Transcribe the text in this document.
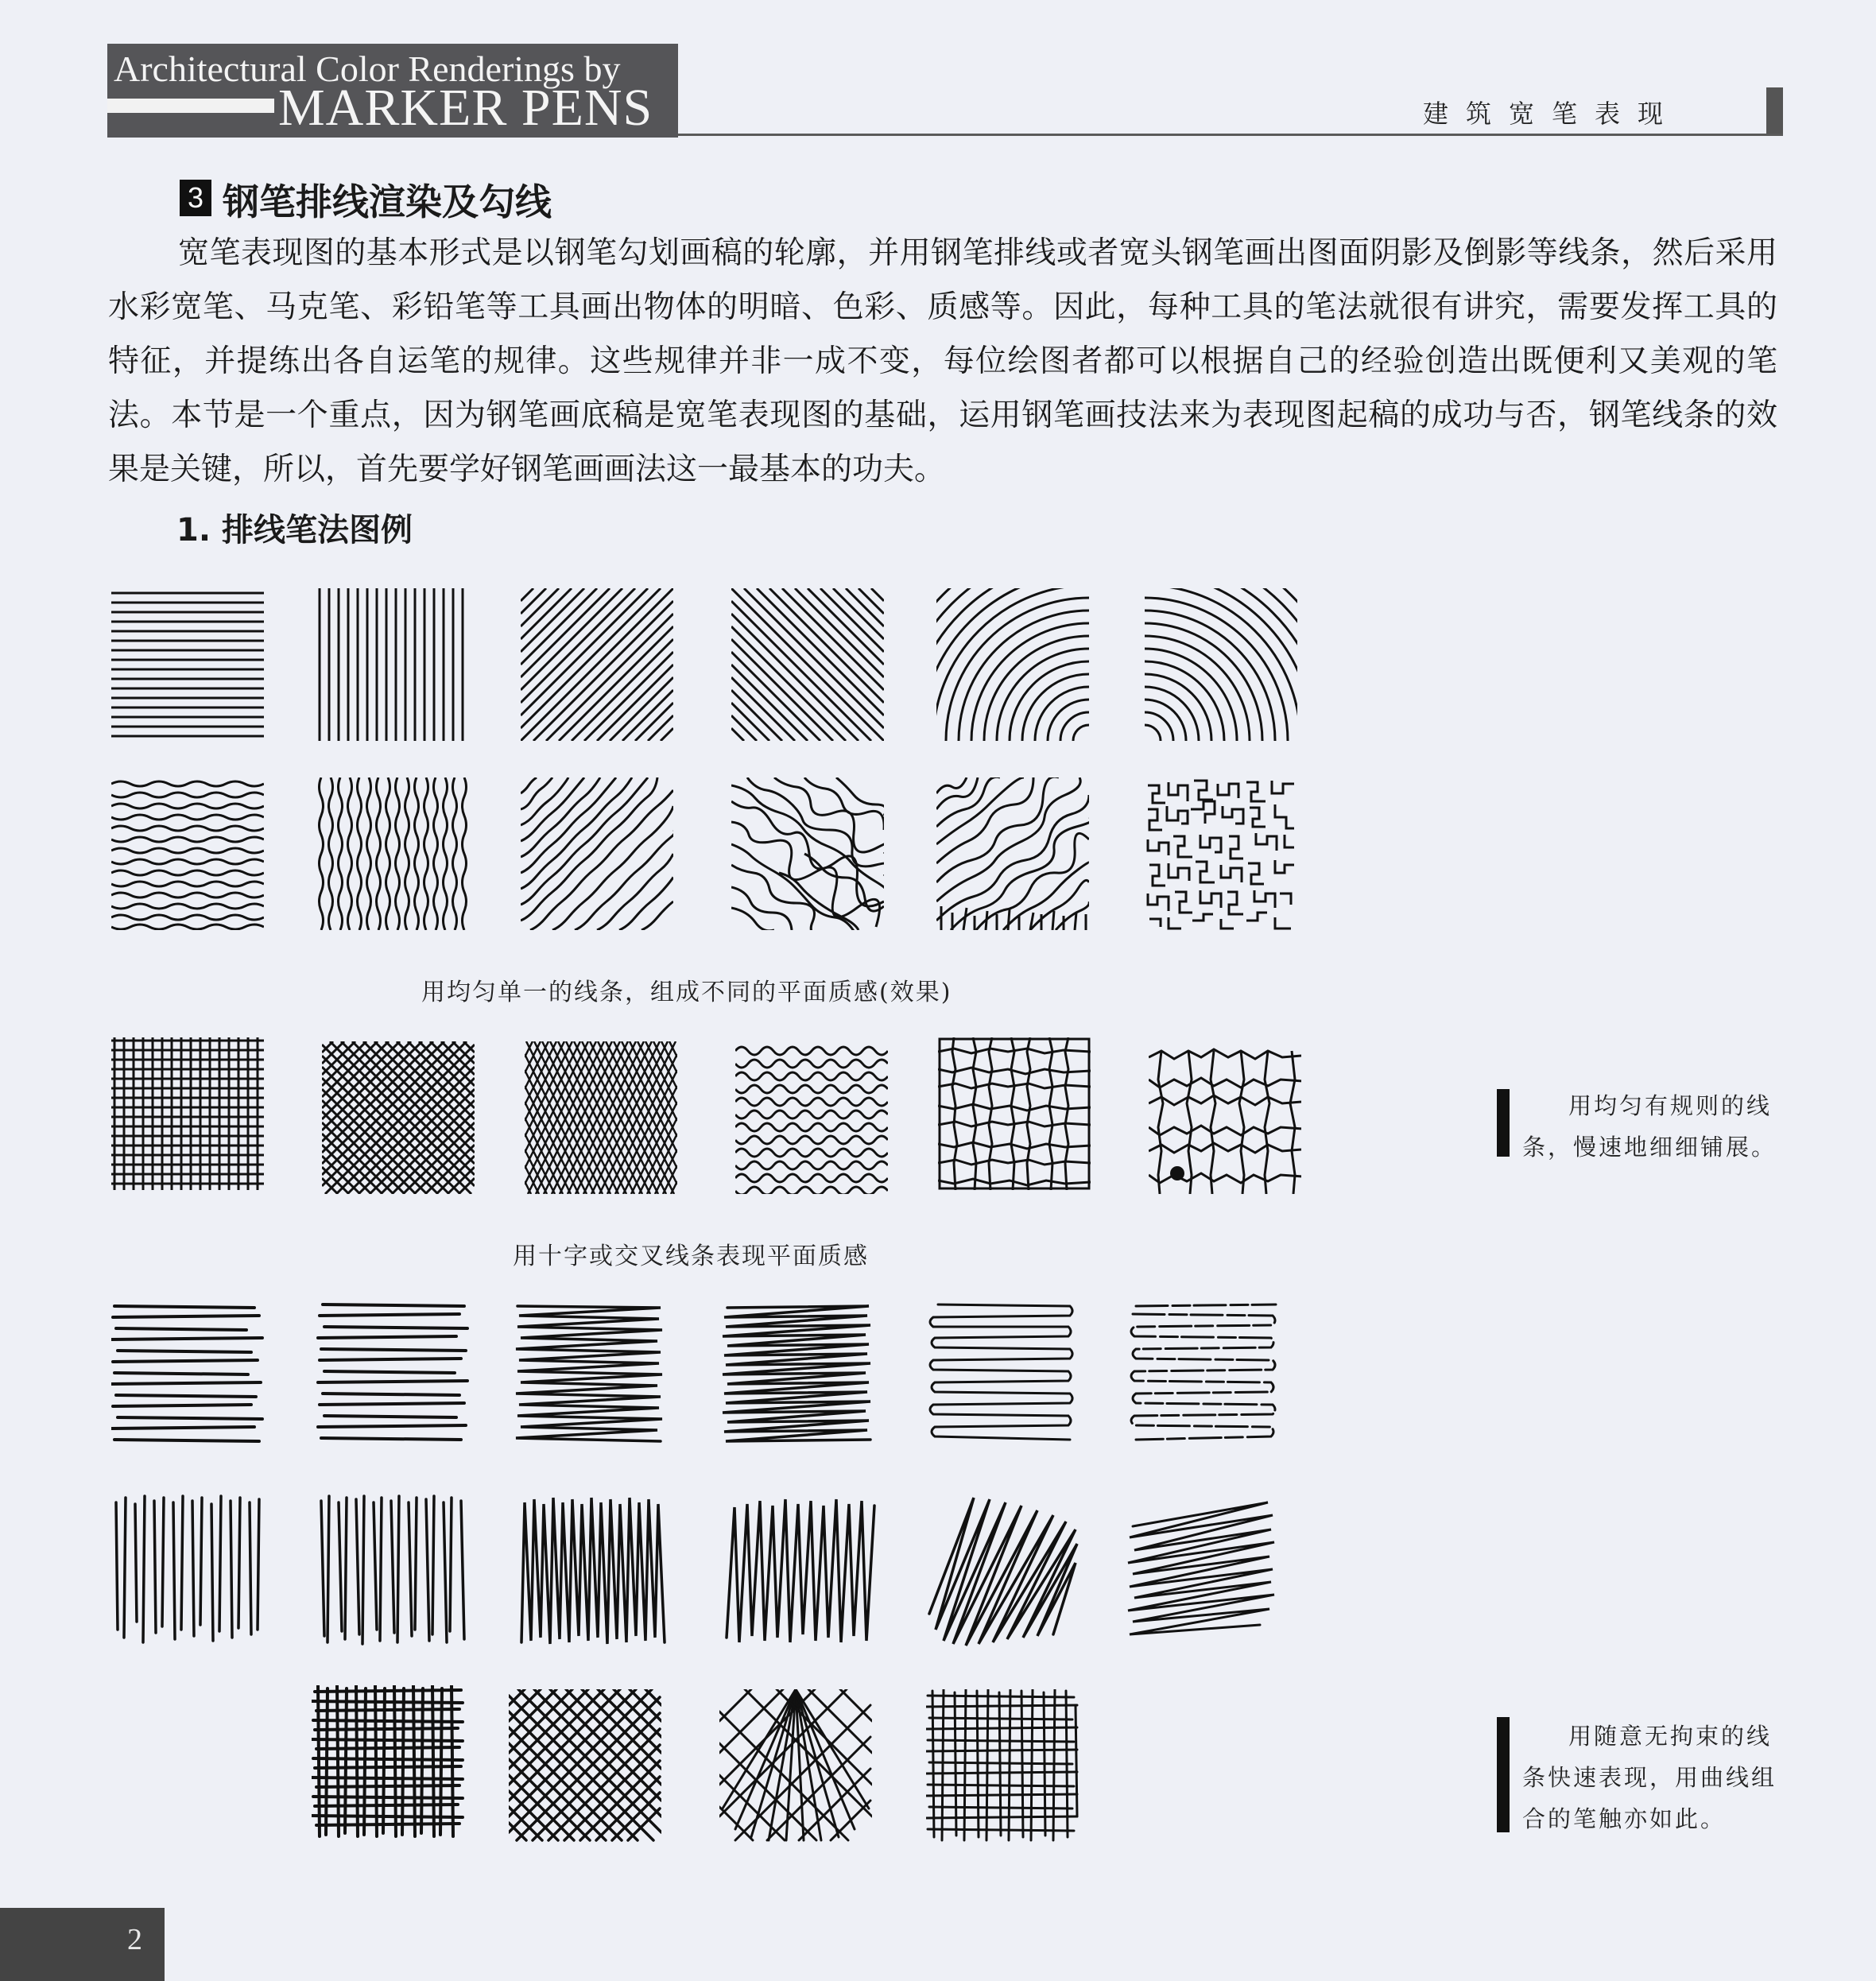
Architectural Color Renderings by
MARKER PENS	建筑宽笔表现
3 钢笔排线渲染及勾线
宽笔表现图的基本形式是以钢笔勾划画稿的轮廓，并用钢笔排线或者宽头钢笔画出图面阴影及倒影等线条，然后采用水彩宽笔、马克笔、彩铅笔等工具画出物体的明暗、色彩、质感等。因此，每种工具的笔法就很有讲究，需要发挥工具的特征，并提练出各自运笔的规律。这些规律并非一成不变，每位绘图者都可以根据自己的经验创造出既便利又美观的笔法。本节是一个重点，因为钢笔画底稿是宽笔表现图的基础，运用钢笔画技法来为表现图起稿的成功与否，钢笔线条的效果是关键，所以，首先要学好钢笔画画法这一最基本的功夫。
1. 排线笔法图例
用均匀单一的线条，组成不同的平面质感(效果)
用十字或交叉线条表现平面质感
用均匀有规则的线条，慢速地细细铺展。
用随意无拘束的线条快速表现，用曲线组合的笔触亦如此。
2
